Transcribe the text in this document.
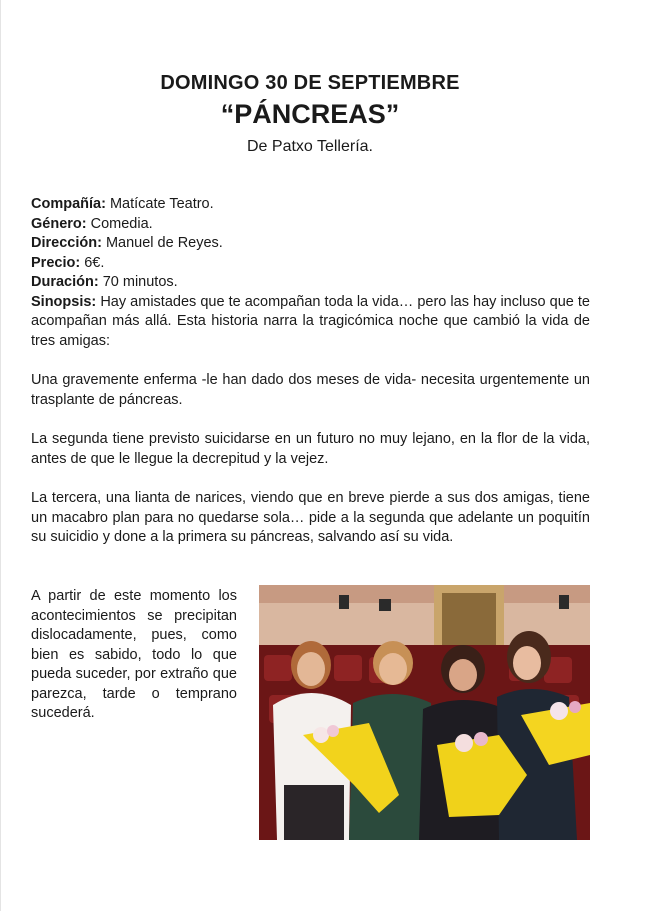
DOMINGO 30 DE SEPTIEMBRE
“PÁNCREAS”
De Patxo Tellería.

Compañía: Matícate Teatro.

Género: Comedia.

Dirección: Manuel de Reyes.

Precio: 6€.

Duración: 70 minutos.

Sinopsis: Hay amistades que te acompañan toda la vida… pero las hay incluso que te acompañan más allá. Esta historia narra la tragicómica noche que cambió la vida de tres amigas:

Una gravemente enferma -le han dado dos meses de vida- necesita urgentemente un trasplante de páncreas.

La segunda tiene previsto suicidarse en un futuro no muy lejano, en la flor de la vida, antes de que le llegue la decrepitud y la vejez.

La tercera, una lianta de narices, viendo que en breve pierde a sus dos amigas, tiene un macabro plan para no quedarse sola… pide a la segunda que adelante un poquitín su suicidio y done a la primera su páncreas, salvando así su vida.

A partir de este momento los acontecimientos se precipitan dislocadamente, pues, como bien es sabido, todo lo que pueda suceder, por extraño que parezca, tarde o temprano sucederá.
